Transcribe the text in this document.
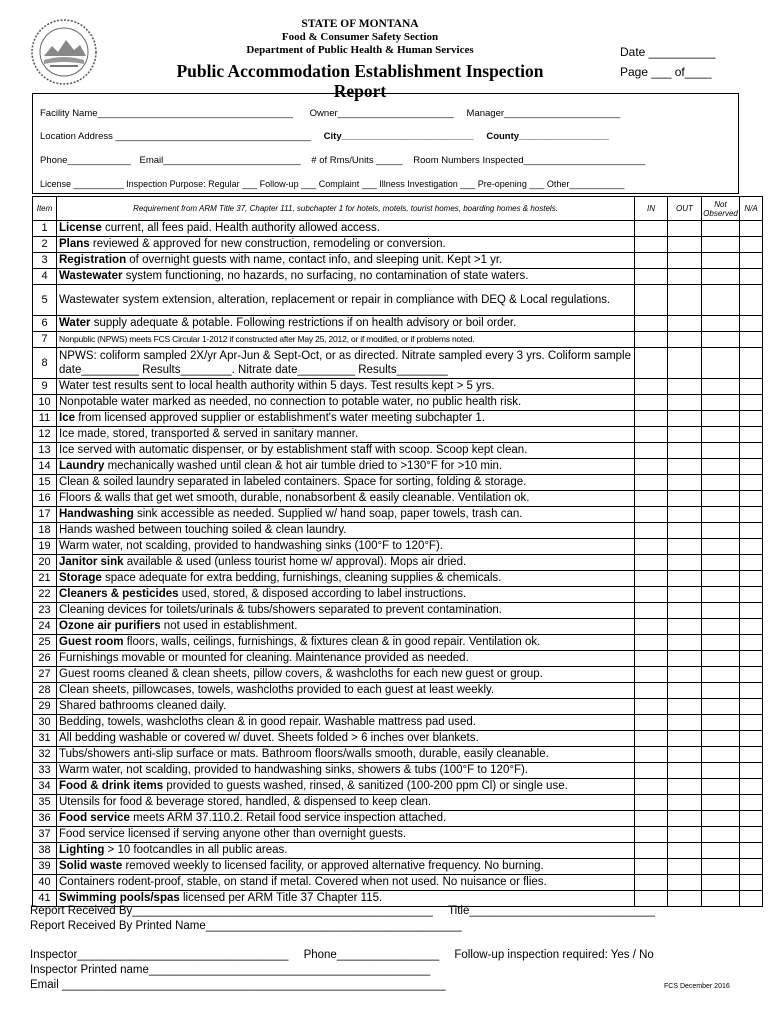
STATE OF MONTANA
Food & Consumer Safety Section
Department of Public Health & Human Services
Public Accommodation Establishment Inspection Report
Date __________
Page ___ of____
Facility Name_____________________________________ Owner______________________ Manager______________________
Location Address _____________________________________ City_________________________ County_________________
Phone____________ Email__________________________ # of Rms/Units _____ Room Numbers Inspected_______________________
License __________ Inspection Purpose: Regular ___ Follow-up ___ Complaint ___ Illness Investigation ___ Pre-opening ___ Other___________
Item	Requirement from ARM Title 37, Chapter 111, subchapter 1 for hotels, motels, tourist homes, boarding homes & hostels.	IN	OUT	Not Observed	N/A
1	License current, all fees paid. Health authority allowed access.				
2	Plans reviewed & approved for new construction, remodeling or conversion.				
3	Registration of overnight guests with name, contact info, and sleeping unit. Kept >1 yr.				
4	Wastewater system functioning, no hazards, no surfacing, no contamination of state waters.				
5	Wastewater system extension, alteration, replacement or repair in compliance with DEQ & Local regulations.				
6	Water supply adequate & potable. Following restrictions if on health advisory or boil order.				
7	Nonpublic (NPWS) meets FCS Circular 1-2012 if constructed after May 25, 2012, or if modified, or if problems noted.				
8	NPWS: coliform sampled 2X/yr Apr-Jun & Sept-Oct, or as directed. Nitrate sampled every 3 yrs. Coliform sample date_________ Results________. Nitrate date_________ Results________				
9	Water test results sent to local health authority within 5 days. Test results kept > 5 yrs.				
10	Nonpotable water marked as needed, no connection to potable water, no public health risk.				
11	Ice from licensed approved supplier or establishment's water meeting subchapter 1.				
12	Ice made, stored, transported & served in sanitary manner.				
13	Ice served with automatic dispenser, or by establishment staff with scoop. Scoop kept clean.				
14	Laundry mechanically washed until clean & hot air tumble dried to >130°F for >10 min.				
15	Clean & soiled laundry separated in labeled containers. Space for sorting, folding & storage.				
16	Floors & walls that get wet smooth, durable, nonabsorbent & easily cleanable. Ventilation ok.				
17	Handwashing sink accessible as needed. Supplied w/ hand soap, paper towels, trash can.				
18	Hands washed between touching soiled & clean laundry.				
19	Warm water, not scalding, provided to handwashing sinks (100°F to 120°F).				
20	Janitor sink available & used (unless tourist home w/ approval). Mops air dried.				
21	Storage space adequate for extra bedding, furnishings, cleaning supplies & chemicals.				
22	Cleaners & pesticides used, stored, & disposed according to label instructions.				
23	Cleaning devices for toilets/urinals & tubs/showers separated to prevent contamination.				
24	Ozone air purifiers not used in establishment.				
25	Guest room floors, walls, ceilings, furnishings, & fixtures clean & in good repair. Ventilation ok.				
26	Furnishings movable or mounted for cleaning. Maintenance provided as needed.				
27	Guest rooms cleaned & clean sheets, pillow covers, & washcloths for each new guest or group.				
28	Clean sheets, pillowcases, towels, washcloths provided to each guest at least weekly.				
29	Shared bathrooms cleaned daily.				
30	Bedding, towels, washcloths clean & in good repair. Washable mattress pad used.				
31	All bedding washable or covered w/ duvet. Sheets folded > 6 inches over blankets.				
32	Tubs/showers anti-slip surface or mats. Bathroom floors/walls smooth, durable, easily cleanable.				
33	Warm water, not scalding, provided to handwashing sinks, showers & tubs (100°F to 120°F).				
34	Food & drink items provided to guests washed, rinsed, & sanitized (100-200 ppm Cl) or single use.				
35	Utensils for food & beverage stored, handled, & dispensed to keep clean.				
36	Food service meets ARM 37.110.2. Retail food service inspection attached.				
37	Food service licensed if serving anyone other than overnight guests.				
38	Lighting > 10 footcandles in all public areas.				
39	Solid waste removed weekly to licensed facility, or approved alternative frequency. No burning.				
40	Containers rodent-proof, stable, on stand if metal. Covered when not used. No nuisance or flies.				
41	Swimming pools/spas licensed per ARM Title 37 Chapter 115.				
Report Received By_______________________________________________ Title_____________________________
Report Received By Printed Name________________________________________
Inspector_________________________________ Phone________________ Follow-up inspection required: Yes / No
Inspector Printed name____________________________________________
Email ____________________________________________________________	FCS December 2016
